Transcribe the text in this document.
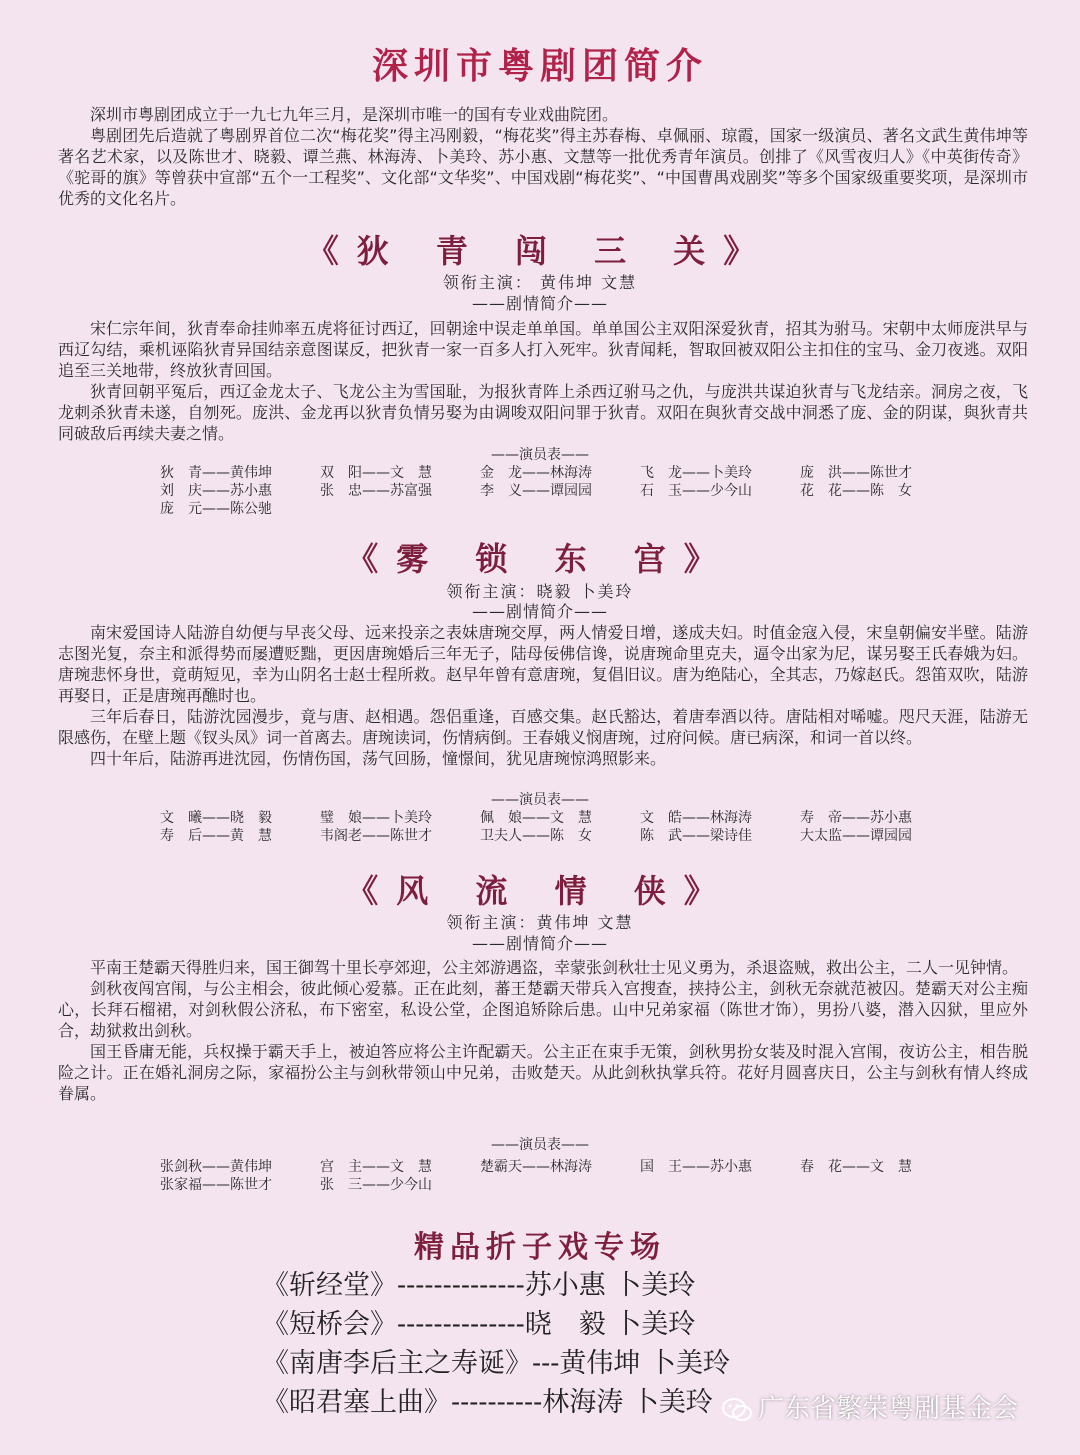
深圳市粤剧团简介

深圳市粤剧团成立于一九七九年三月，是深圳市唯一的国有专业戏曲院团。

粤剧团先后造就了粤剧界首位二次“梅花奖”得主冯刚毅，“梅花奖”得主苏春梅、卓佩丽、琼霞，国家一级演员、著名文武生黄伟坤等著名艺术家，以及陈世才、晓毅、谭兰燕、林海涛、卜美玲、苏小惠、文慧等一批优秀青年演员。创排了《风雪夜归人》《中英街传奇》《驼哥的旗》等曾获中宣部“五个一工程奖”、文化部“文华奖”、中国戏剧“梅花奖”、“中国曹禺戏剧奖”等多个国家级重要奖项，是深圳市优秀的文化名片。

《狄 青 闯 三 关》
领衔主演： 黄伟坤 文慧
——剧情简介——

宋仁宗年间，狄青奉命挂帅率五虎将征讨西辽，回朝途中误走单单国。单单国公主双阳深爱狄青，招其为驸马。宋朝中太师庞洪早与西辽勾结，乘机诬陷狄青异国结亲意图谋反，把狄青一家一百多人打入死牢。狄青闻耗，智取回被双阳公主扣住的宝马、金刀夜逃。双阳追至三关地带，终放狄青回国。

狄青回朝平冤后，西辽金龙太子、飞龙公主为雪国耻，为报狄青阵上杀西辽驸马之仇，与庞洪共谋迫狄青与飞龙结亲。洞房之夜，飞龙刺杀狄青未遂，自刎死。庞洪、金龙再以狄青负情另娶为由调唆双阳问罪于狄青。双阳在與狄青交战中洞悉了庞、金的阴谋，與狄青共同破敌后再续夫妻之情。

——演员表——
狄　青——黄伟坤	双　阳——文　慧	金　龙——林海涛	飞　龙——卜美玲	庞　洪——陈世才
刘　庆——苏小惠	张　忠——苏富强	李　义——谭园园	石　玉——少今山	花　花——陈　女
庞　元——陈公驰
《雾 锁 东 宫》
领衔主演：晓毅 卜美玲
——剧情简介——

南宋爱国诗人陆游自幼便与早丧父母、远来投亲之表妹唐琬交厚，两人情爱日增，遂成夫妇。时值金寇入侵，宋皇朝偏安半壁。陆游志图光复，奈主和派得势而屡遭贬黜，更因唐琬婚后三年无子，陆母佞佛信谗，说唐琬命里克夫，逼令出家为尼，谋另娶王氏春娥为妇。唐琬悲怀身世，竟萌短见，幸为山阴名士赵士程所救。赵早年曾有意唐琬，复倡旧议。唐为绝陆心，全其志，乃嫁赵氏。怨笛双吹，陆游再娶日，正是唐琬再醮时也。

三年后春日，陆游沈园漫步，竟与唐、赵相遇。怨侣重逢，百感交集。赵氏豁达，着唐奉酒以待。唐陆相对唏嘘。咫尺天涯，陆游无限感伤，在壁上题《钗头凤》词一首离去。唐琬读词，伤情病倒。王春娥义悯唐琬，过府问候。唐已病深，和词一首以终。

四十年后，陆游再进沈园，伤情伤国，荡气回肠，憧憬间，犹见唐琬惊鸿照影来。

——演员表——
文　曦——晓　毅	璧　娘——卜美玲	佩　娘——文　慧	文　皓——林海涛	寿　帝——苏小惠
寿　后——黄　慧	韦阁老——陈世才	卫夫人——陈　女	陈　武——梁诗佳	大太监——谭园园
《风 流 情 侠》
领衔主演：黄伟坤 文慧
——剧情简介——

平南王楚霸天得胜归来，国王御驾十里长亭郊迎，公主郊游遇盗，幸蒙张剑秋壮士见义勇为，杀退盗贼，救出公主，二人一见钟情。

剑秋夜闯宫闱，与公主相会，彼此倾心爱慕。正在此刻，蕃王楚霸天带兵入宫搜查，挟持公主，剑秋无奈就范被囚。楚霸天对公主痴心，长拜石榴裙，对剑秋假公济私，布下密室，私设公堂，企图追矫除后患。山中兄弟家福（陈世才饰），男扮八婆，潜入囚狱，里应外合，劫狱救出剑秋。

国王昏庸无能，兵权操于霸天手上，被迫答应将公主许配霸天。公主正在束手无策，剑秋男扮女装及时混入宫闱，夜访公主，相告脱险之计。正在婚礼洞房之际，家福扮公主与剑秋带领山中兄弟，击败楚天。从此剑秋执掌兵符。花好月圆喜庆日，公主与剑秋有情人终成眷属。

——演员表——
张剑秋——黄伟坤	宫　主——文　慧	楚霸天——林海涛	国　王——苏小惠	春　花——文　慧
张家福——陈世才	张　三——少今山
精品折子戏专场
《斩经堂》--------------苏小惠 卜美玲
《短桥会》--------------晓　毅 卜美玲
《南唐李后主之寿诞》---黄伟坤 卜美玲
《昭君塞上曲》----------林海涛 卜美玲	广东省繁荣粤剧基金会
